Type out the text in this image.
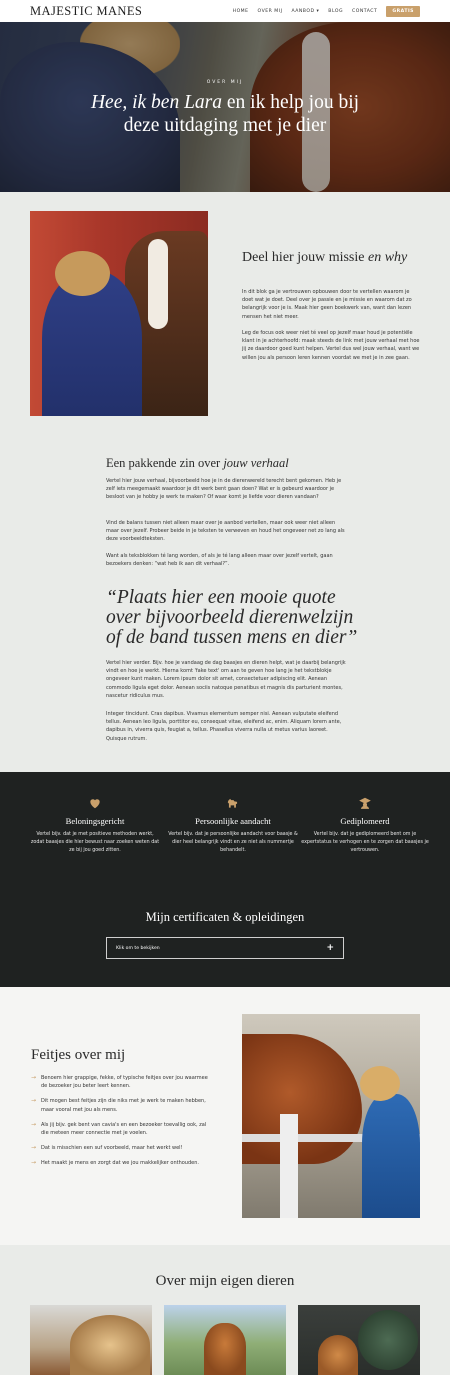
MAJESTIC MANES	HOME OVER MIJ AANBOD ▾ BLOG CONTACT	GRATIS
OVER MIJ
Hee, ik ben Lara en ik help jou bij deze uitdaging met je dier
Deel hier jouw missie en why

In dit blok ga je vertrouwen opbouwen door te vertellen waarom je doet wat je doet. Deel over je passie en je missie en waarom dat zo belangrijk voor je is. Maak hier geen boekwerk van, want dan lezen mensen het niet meer.

Leg de focus ook weer niet té veel op jezelf maar houd je potentiële klant in je achterhoofd: maak steeds de link met jouw verhaal met hoe jij ze daardoor goed kunt helpen. Vertel dus wel jouw verhaal, want we willen jou als persoon leren kennen voordat we met je in zee gaan.

Een pakkende zin over jouw verhaal

Vertel hier jouw verhaal, bijvoorbeeld hoe je in de dierenwereld terecht bent gekomen. Heb je zelf iets meegemaakt waardoor je dit werk bent gaan doen? Wat er is gebeurd waardoor je besloot van je hobby je werk te maken? Of waar komt je liefde voor dieren vandaan?

Vind de balans tussen niet alleen maar over je aanbod vertellen, maar ook weer niet alleen maar over jezelf. Probeer beide in je teksten te verweven en houd het ongeveer net zo lang als deze voorbeeldteksten.

Want als teksblokken té lang worden, of als je té lang alleen maar over jezelf vertelt, gaan bezoekers denken: “wat heb ik aan dit verhaal?”.

“Plaats hier een mooie quote over bijvoorbeeld dierenwelzijn of de band tussen mens en dier”

Vertel hier verder. Bijv. hoe je vandaag de dag baasjes en dieren helpt, wat je daarbij belangrijk vindt en hoe je werkt. Hierna komt 'fake text' om aan te geven hoe lang je het tekstblokje ongeveer kunt maken. Lorem ipsum dolor sit amet, consectetuer adipiscing elit. Aenean commodo ligula eget dolor. Aenean sociis natoque penatibus et magnis dis parturient montes, nascetur ridiculus mus.

Integer tincidunt. Cras dapibus. Vivamus elementum semper nisi. Aenean vulputate eleifend tellus. Aenean leo ligula, porttitor eu, consequat vitae, eleifend ac, enim. Aliquam lorem ante, dapibus in, viverra quis, feugiat a, tellus. Phasellus viverra nulla ut metus varius laoreet. Quisque rutrum.

Beloningsgericht
Vertel bijv. dat je met positieve methoden werkt, zodat baasjes die hier bewust naar zoeken weten dat ze bij jou goed zitten.
Persoonlijke aandacht
Vertel bijv. dat je persoonlijke aandacht voor baasje & dier heel belangrijk vindt en ze niet als nummertje behandelt.
Gediplomeerd
Vertel bijv. dat je gediplomeerd bent om je expertstatus te verhogen en te zorgen dat baasjes je vertrouwen.
Mijn certificaten & opleidingen
Klik om te bekijken	+
Feitjes over mij
→ Benoem hier grappige, fekke, of typische feitjes over jou waarmee de bezoeker jou beter leert kennen.
→ Dit mogen best feitjes zijn die niks met je werk te maken hebben, maar vooral met jou als mens.
→ Als jij bijv. gek bent van cavia's en een bezoeker toevallig ook, zal die meteen meer connectie met je voelen.
→ Dat is misschien een suf voorbeeld, maar het werkt wel!
→ Het maakt je mens en zorgt dat we jou makkelijker onthouden.
Over mijn eigen dieren
